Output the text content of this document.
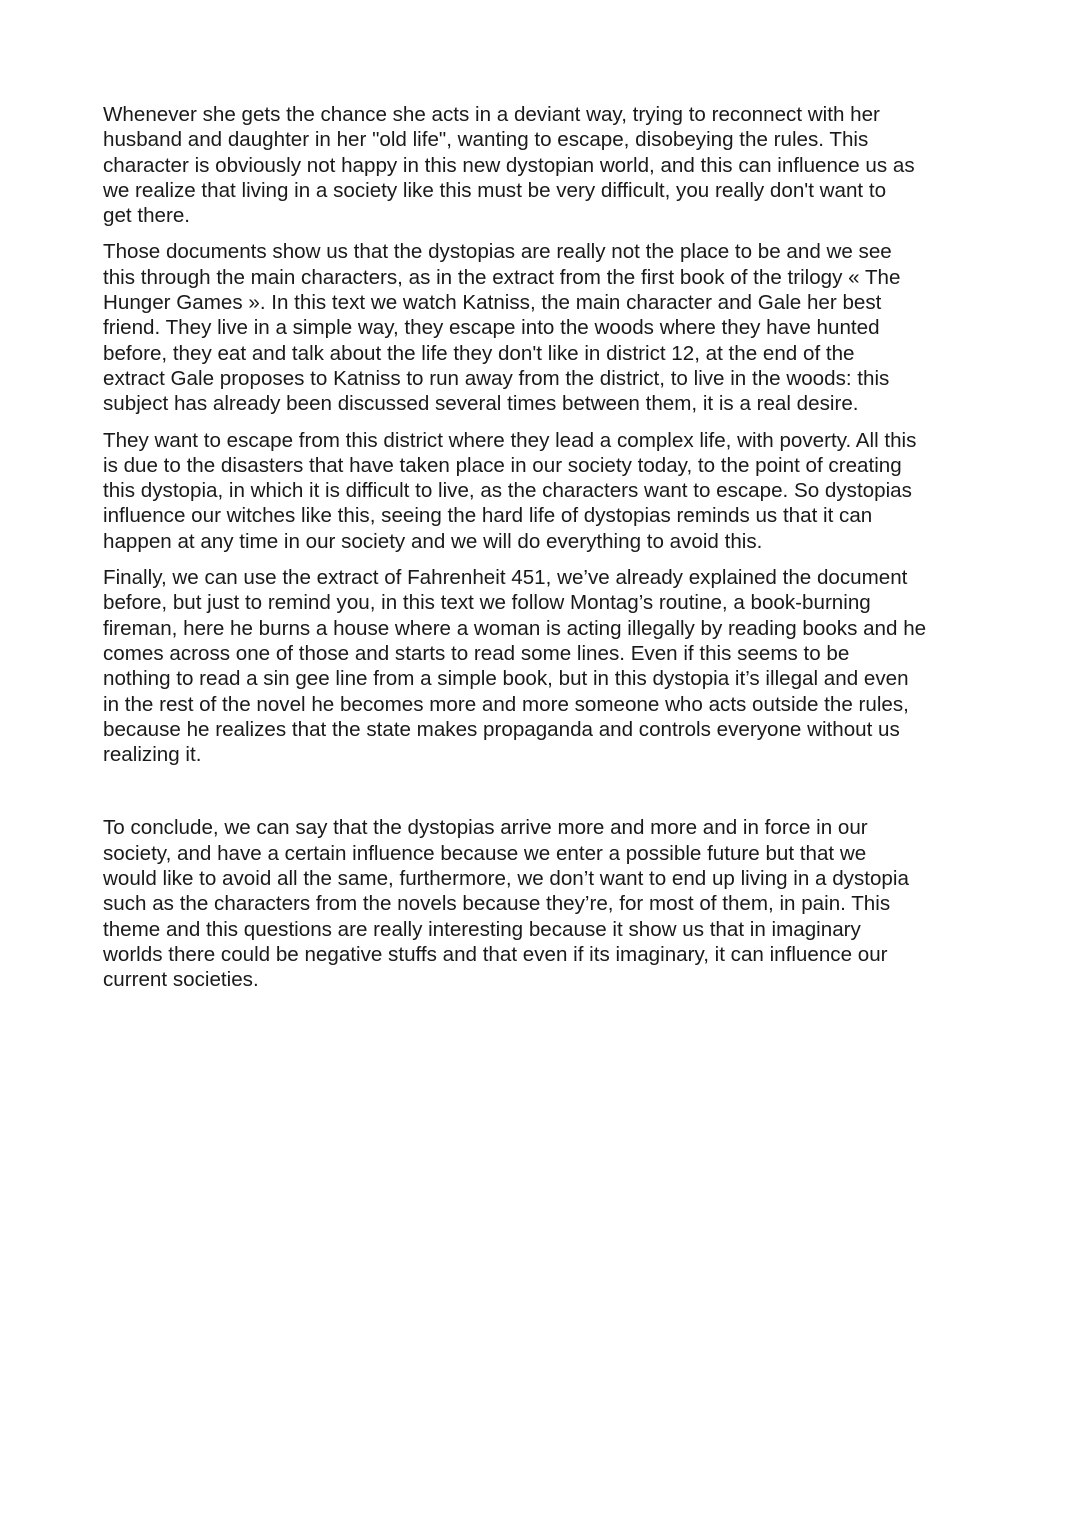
Whenever she gets the chance she acts in a deviant way, trying to reconnect with her
husband and daughter in her "old life", wanting to escape, disobeying the rules. This
character is obviously not happy in this new dystopian world, and this can influence us as
we realize that living in a society like this must be very difficult, you really don't want to
get there.

Those documents show us that the dystopias are really not the place to be and we see
this through the main characters, as in the extract from the first book of the trilogy « The
Hunger Games ». In this text we watch Katniss, the main character and Gale her best
friend. They live in a simple way, they escape into the woods where they have hunted
before, they eat and talk about the life they don't like in district 12, at the end of the
extract Gale proposes to Katniss to run away from the district, to live in the woods: this
subject has already been discussed several times between them, it is a real desire.

They want to escape from this district where they lead a complex life, with poverty. All this
is due to the disasters that have taken place in our society today, to the point of creating
this dystopia, in which it is difficult to live, as the characters want to escape. So dystopias
influence our witches like this, seeing the hard life of dystopias reminds us that it can
happen at any time in our society and we will do everything to avoid this.

Finally, we can use the extract of Fahrenheit 451, we’ve already explained the document
before, but just to remind you, in this text we follow Montag’s routine, a book-burning
fireman, here he burns a house where a woman is acting illegally by reading books and he
comes across one of those and starts to read some lines. Even if this seems to be
nothing to read a sin gee line from a simple book, but in this dystopia it’s illegal and even
in the rest of the novel he becomes more and more someone who acts outside the rules,
because he realizes that the state makes propaganda and controls everyone without us
realizing it.

To conclude, we can say that the dystopias arrive more and more and in force in our
society, and have a certain influence because we enter a possible future but that we
would like to avoid all the same, furthermore, we don’t want to end up living in a dystopia
such as the characters from the novels because they’re, for most of them, in pain. This
theme and this questions are really interesting because it show us that in imaginary
worlds there could be negative stuffs and that even if its imaginary, it can influence our
current societies.
